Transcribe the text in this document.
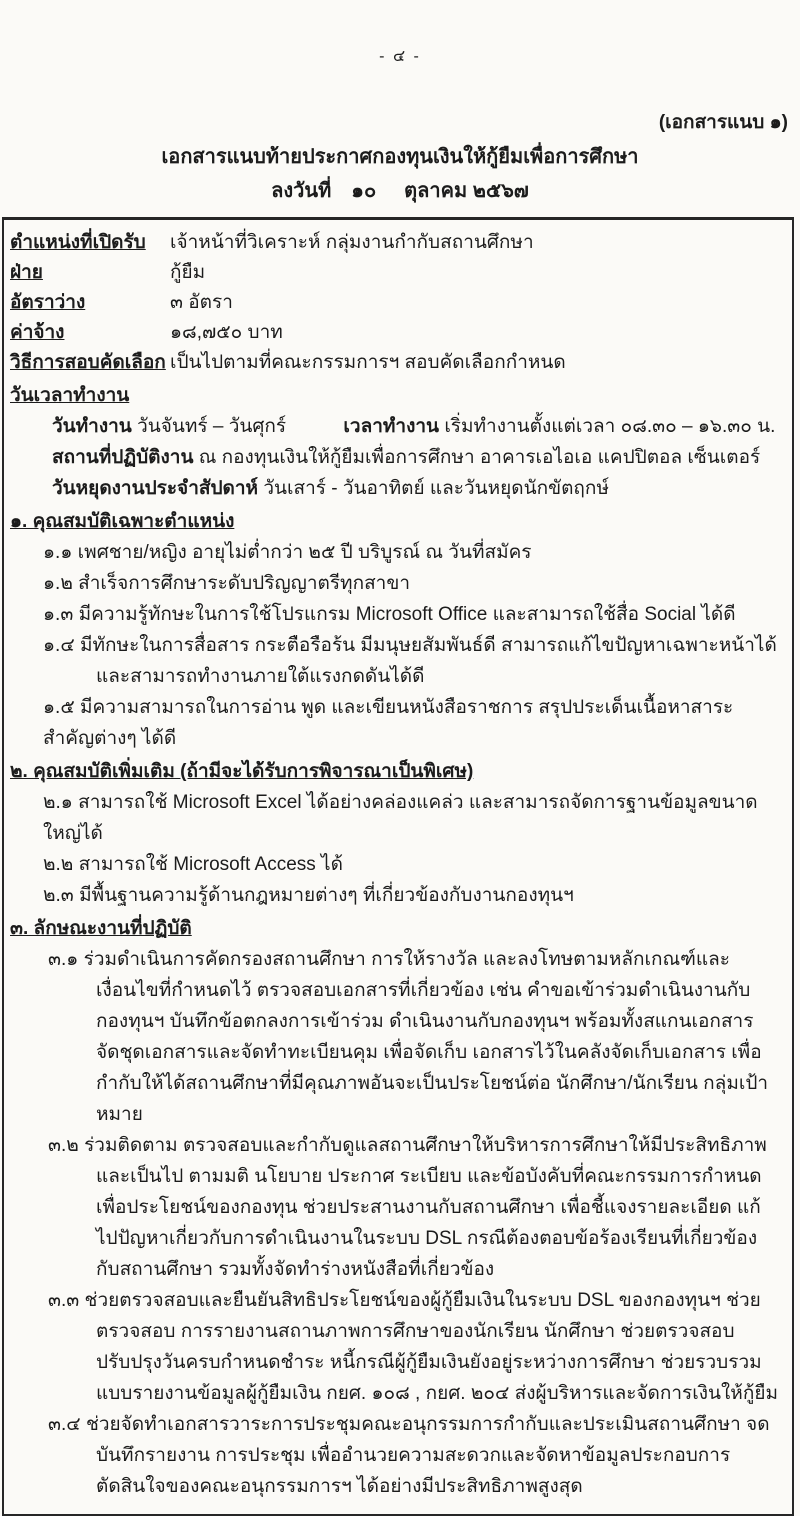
- ๔ -
(เอกสารแนบ ๑)
เอกสารแนบท้ายประกาศกองทุนเงินให้กู้ยืมเพื่อการศึกษา
ลงวันที่ ๑๐ ตุลาคม ๒๕๖๗
ตำแหน่งที่เปิดรับ	เจ้าหน้าที่วิเคราะห์ กลุ่มงานกำกับสถานศึกษา
ฝ่าย	กู้ยืม
อัตราว่าง	๓ อัตรา
ค่าจ้าง	๑๘,๗๕๐ บาท
วิธีการสอบคัดเลือก เป็นไปตามที่คณะกรรมการฯ สอบคัดเลือกกำหนด
วันเวลาทำงาน
วันทำงาน วันจันทร์ – วันศุกร์	เวลาทำงาน เริ่มทำงานตั้งแต่เวลา ๐๘.๓๐ – ๑๖.๓๐ น.
สถานที่ปฏิบัติงาน ณ กองทุนเงินให้กู้ยืมเพื่อการศึกษา อาคารเอไอเอ แคปปิตอล เซ็นเตอร์
วันหยุดงานประจำสัปดาห์ วันเสาร์ - วันอาทิตย์ และวันหยุดนักขัตฤกษ์
๑. คุณสมบัติเฉพาะตำแหน่ง
๑.๑ เพศชาย/หญิง อายุไม่ต่ำกว่า ๒๕ ปี บริบูรณ์ ณ วันที่สมัคร
๑.๒ สำเร็จการศึกษาระดับปริญญาตรีทุกสาขา
๑.๓ มีความรู้ทักษะในการใช้โปรแกรม Microsoft Office และสามารถใช้สื่อ Social ได้ดี
๑.๔ มีทักษะในการสื่อสาร กระตือรือร้น มีมนุษยสัมพันธ์ดี สามารถแก้ไขปัญหาเฉพาะหน้าได้
และสามารถทำงานภายใต้แรงกดดันได้ดี
๑.๕ มีความสามารถในการอ่าน พูด และเขียนหนังสือราชการ สรุปประเด็นเนื้อหาสาระสำคัญต่างๆ ได้ดี
๒. คุณสมบัติเพิ่มเติม (ถ้ามีจะได้รับการพิจารณาเป็นพิเศษ)
๒.๑ สามารถใช้ Microsoft Excel ได้อย่างคล่องแคล่ว และสามารถจัดการฐานข้อมูลขนาดใหญ่ได้
๒.๒ สามารถใช้ Microsoft Access ได้
๒.๓ มีพื้นฐานความรู้ด้านกฎหมายต่างๆ ที่เกี่ยวข้องกับงานกองทุนฯ
๓. ลักษณะงานที่ปฏิบัติ
๓.๑ ร่วมดำเนินการคัดกรองสถานศึกษา การให้รางวัล และลงโทษตามหลักเกณฑ์และเงื่อนไขที่กำหนดไว้ ตรวจสอบเอกสารที่เกี่ยวข้อง เช่น คำขอเข้าร่วมดำเนินงานกับกองทุนฯ บันทึกข้อตกลงการเข้าร่วม ดำเนินงานกับกองทุนฯ พร้อมทั้งสแกนเอกสาร จัดชุดเอกสารและจัดทำทะเบียนคุม เพื่อจัดเก็บ เอกสารไว้ในคลังจัดเก็บเอกสาร เพื่อกำกับให้ได้สถานศึกษาที่มีคุณภาพอันจะเป็นประโยชน์ต่อ นักศึกษา/นักเรียน กลุ่มเป้าหมาย
๓.๒ ร่วมติดตาม ตรวจสอบและกำกับดูแลสถานศึกษาให้บริหารการศึกษาให้มีประสิทธิภาพและเป็นไป ตามมติ นโยบาย ประกาศ ระเบียบ และข้อบังคับที่คณะกรรมการกำหนด เพื่อประโยชน์ของกองทุน ช่วยประสานงานกับสถานศึกษา เพื่อชี้แจงรายละเอียด แก้ไปปัญหาเกี่ยวกับการดำเนินงานในระบบ DSL กรณีต้องตอบข้อร้องเรียนที่เกี่ยวข้องกับสถานศึกษา รวมทั้งจัดทำร่างหนังสือที่เกี่ยวข้อง
๓.๓ ช่วยตรวจสอบและยืนยันสิทธิประโยชน์ของผู้กู้ยืมเงินในระบบ DSL ของกองทุนฯ ช่วยตรวจสอบ การรายงานสถานภาพการศึกษาของนักเรียน นักศึกษา ช่วยตรวจสอบปรับปรุงวันครบกำหนดชำระ หนี้กรณีผู้กู้ยืมเงินยังอยู่ระหว่างการศึกษา ช่วยรวบรวมแบบรายงานข้อมูลผู้กู้ยืมเงิน กยศ. ๑๐๘ , กยศ. ๒๐๔ ส่งผู้บริหารและจัดการเงินให้กู้ยืม
๓.๔ ช่วยจัดทำเอกสารวาระการประชุมคณะอนุกรรมการกำกับและประเมินสถานศึกษา จดบันทึกรายงาน การประชุม เพื่ออำนวยความสะดวกและจัดหาข้อมูลประกอบการตัดสินใจของคณะอนุกรรมการฯ ได้อย่างมีประสิทธิภาพสูงสุด
